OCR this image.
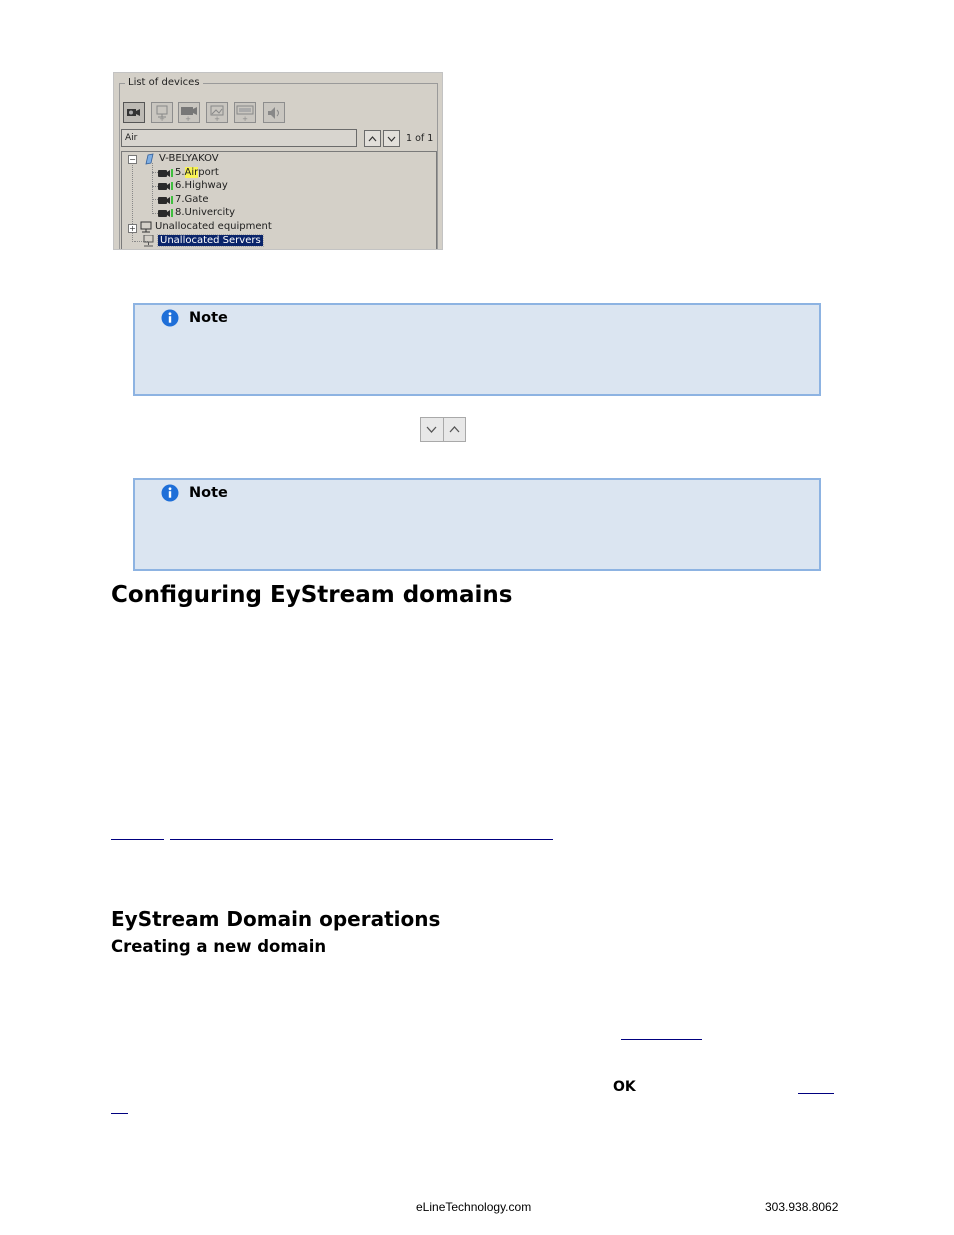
List of devices
+	+	+	+
Air	1 of 1
− V-BELYAKOV
5. Air port
6. Highway
7. Gate
8. Univercity
+ Unallocated equipment
Unallocated Servers
Note
Note
Configuring EyStream domains
EyStream Domain operations
Creating a new domain
OK
eLineTechnology.com	303.938.8062
